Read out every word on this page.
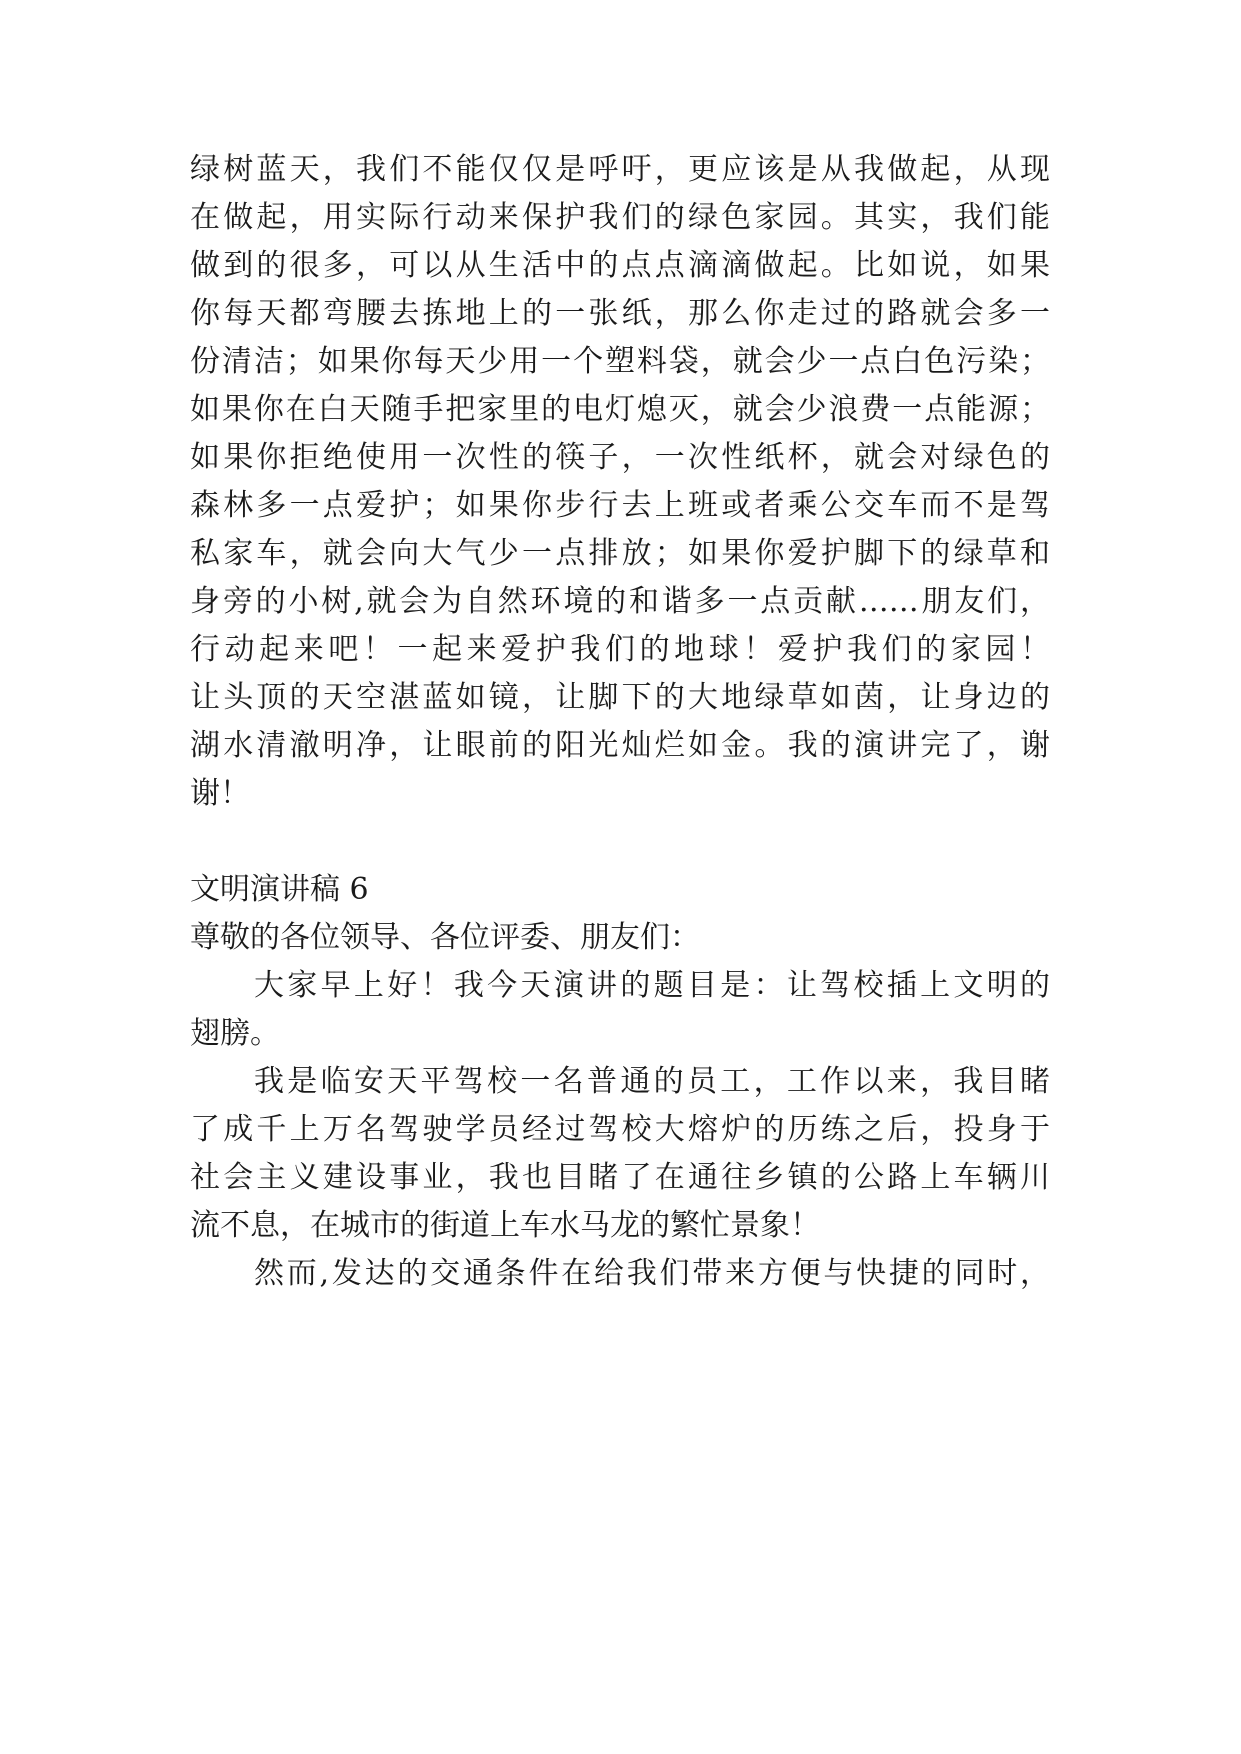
绿树蓝天，我们不能仅仅是呼吁，更应该是从我做起，从现

在做起，用实际行动来保护我们的绿色家园。其实，我们能

做到的很多，可以从生活中的点点滴滴做起。比如说，如果

你每天都弯腰去拣地上的一张纸，那么你走过的路就会多一

份清洁；如果你每天少用一个塑料袋，就会少一点白色污染；

如果你在白天随手把家里的电灯熄灭，就会少浪费一点能源；

如果你拒绝使用一次性的筷子，一次性纸杯，就会对绿色的

森林多一点爱护；如果你步行去上班或者乘公交车而不是驾

私家车，就会向大气少一点排放；如果你爱护脚下的绿草和

身旁的小树,就会为自然环境的和谐多一点贡献……朋友们，

行动起来吧！一起来爱护我们的地球！爱护我们的家园！

让头顶的天空湛蓝如镜，让脚下的大地绿草如茵，让身边的

湖水清澈明净，让眼前的阳光灿烂如金。我的演讲完了，谢

谢！

文明演讲稿 6

尊敬的各位领导、各位评委、朋友们：

大家早上好！我今天演讲的题目是：让驾校插上文明的

翅膀。

我是临安天平驾校一名普通的员工，工作以来，我目睹

了成千上万名驾驶学员经过驾校大熔炉的历练之后，投身于

社会主义建设事业，我也目睹了在通往乡镇的公路上车辆川

流不息，在城市的街道上车水马龙的繁忙景象！

然而,发达的交通条件在给我们带来方便与快捷的同时，
